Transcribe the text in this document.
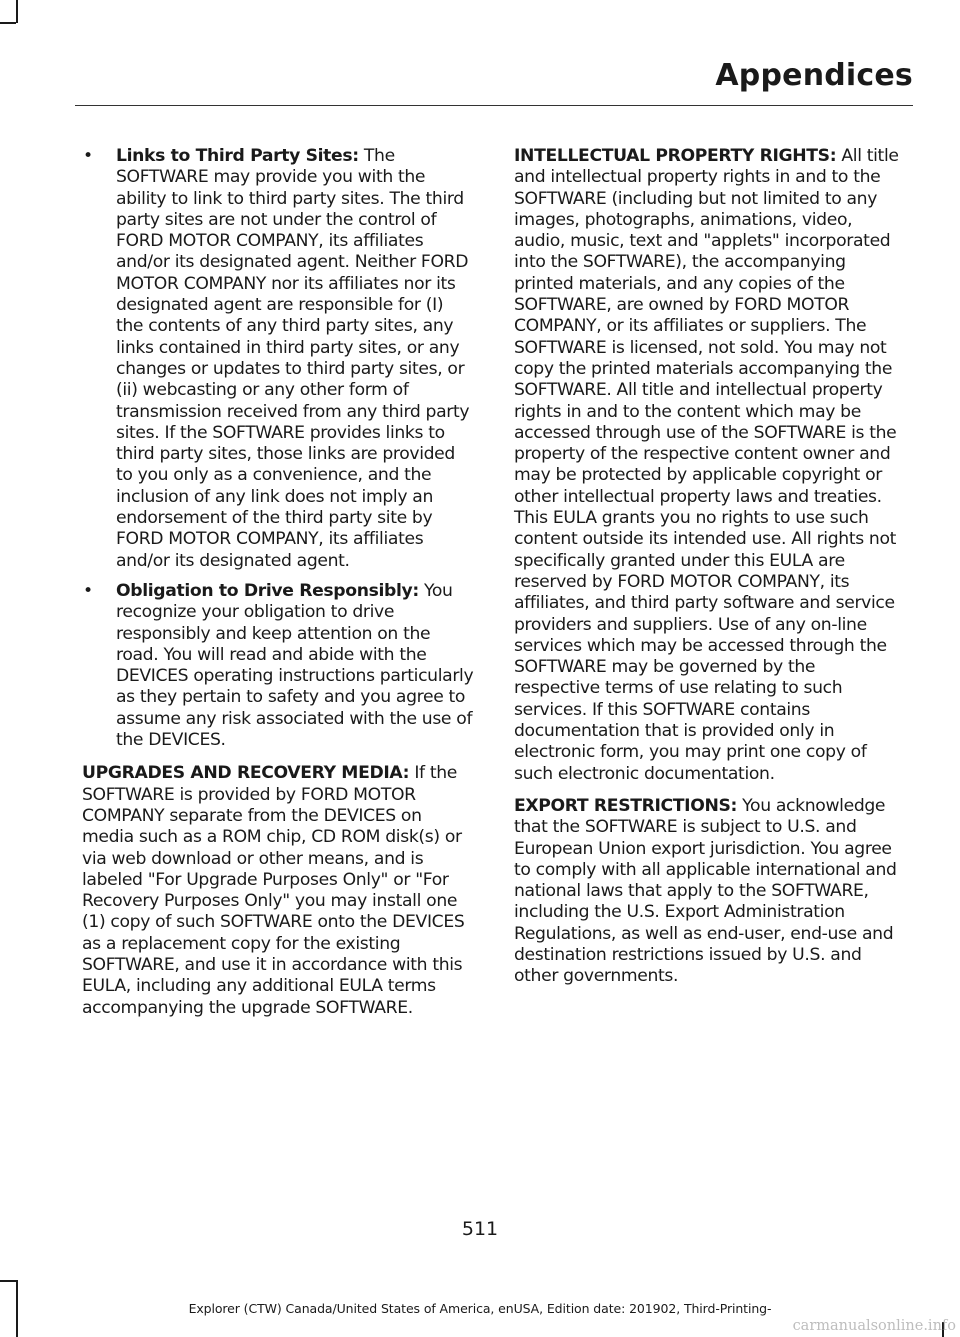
Appendices
• Links to Third Party Sites: The SOFTWARE may provide you with the ability to link to third party sites. The third party sites are not under the control of FORD MOTOR COMPANY, its affiliates and/or its designated agent. Neither FORD MOTOR COMPANY nor its affiliates nor its designated agent are responsible for (I) the contents of any third party sites, any links contained in third party sites, or any changes or updates to third party sites, or (ii) webcasting or any other form of transmission received from any third party sites. If the SOFTWARE provides links to third party sites, those links are provided to you only as a convenience, and the inclusion of any link does not imply an endorsement of the third party site by FORD MOTOR COMPANY, its affiliates and/or its designated agent.
• Obligation to Drive Responsibly: You recognize your obligation to drive responsibly and keep attention on the road. You will read and abide with the DEVICES operating instructions particularly as they pertain to safety and you agree to assume any risk associated with the use of the DEVICES.

UPGRADES AND RECOVERY MEDIA: If the SOFTWARE is provided by FORD MOTOR COMPANY separate from the DEVICES on media such as a ROM chip, CD ROM disk(s) or via web download or other means, and is labeled "For Upgrade Purposes Only" or "For Recovery Purposes Only" you may install one (1) copy of such SOFTWARE onto the DEVICES as a replacement copy for the existing SOFTWARE, and use it in accordance with this EULA, including any additional EULA terms accompanying the upgrade SOFTWARE.

INTELLECTUAL PROPERTY RIGHTS: All title and intellectual property rights in and to the SOFTWARE (including but not limited to any images, photographs, animations, video, audio, music, text and "applets" incorporated into the SOFTWARE), the accompanying printed materials, and any copies of the SOFTWARE, are owned by FORD MOTOR COMPANY, or its affiliates or suppliers. The SOFTWARE is licensed, not sold. You may not copy the printed materials accompanying the SOFTWARE. All title and intellectual property rights in and to the content which may be accessed through use of the SOFTWARE is the property of the respective content owner and may be protected by applicable copyright or other intellectual property laws and treaties. This EULA grants you no rights to use such content outside its intended use. All rights not specifically granted under this EULA are reserved by FORD MOTOR COMPANY, its affiliates, and third party software and service providers and suppliers. Use of any on-line services which may be accessed through the SOFTWARE may be governed by the respective terms of use relating to such services. If this SOFTWARE contains documentation that is provided only in electronic form, you may print one copy of such electronic documentation.

EXPORT RESTRICTIONS: You acknowledge that the SOFTWARE is subject to U.S. and European Union export jurisdiction. You agree to comply with all applicable international and national laws that apply to the SOFTWARE, including the U.S. Export Administration Regulations, as well as end-user, end-use and destination restrictions issued by U.S. and other governments.

511
Explorer (CTW) Canada/United States of America, enUSA, Edition date: 201902, Third-Printing-
carmanualsonline.info
